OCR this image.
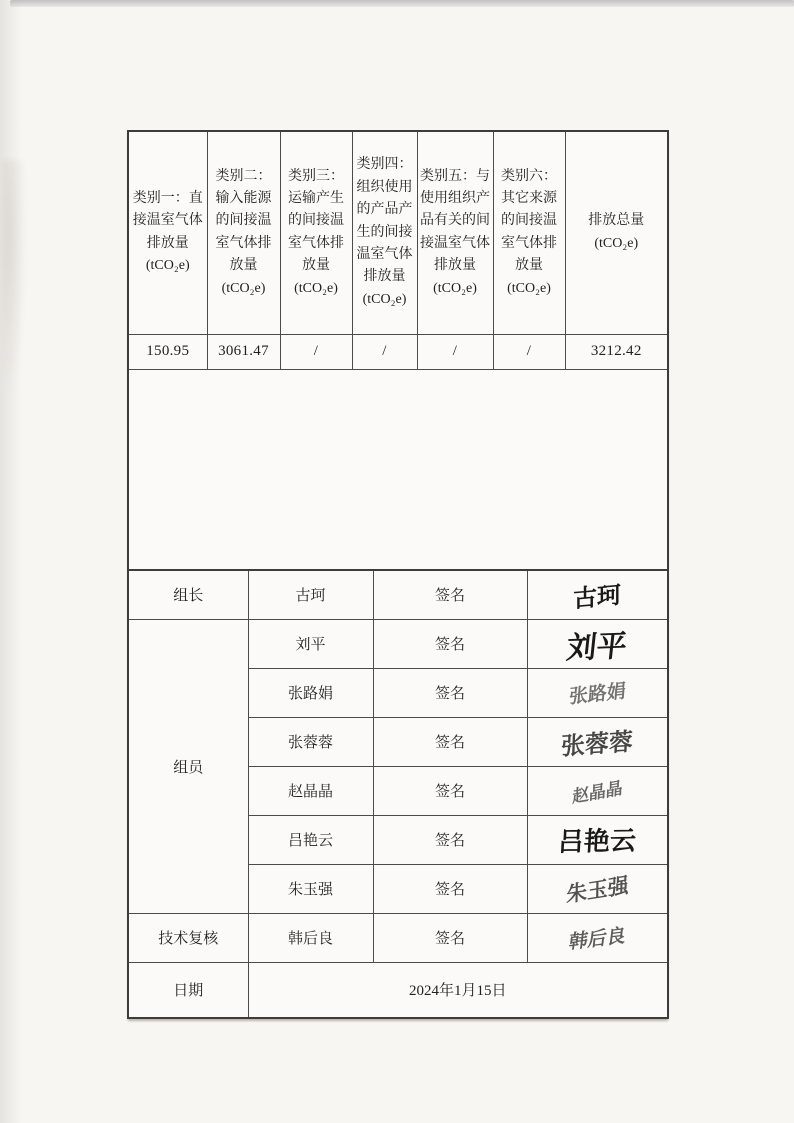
类别一：直接温室气体排放量(tCO₂e)	类别二：输入能源的间接温室气体排放量 (tCO₂e)	类别三：运输产生的间接温室气体排放量 (tCO₂e)	类别四：组织使用的产品产生的间接温室气体排放量 (tCO₂e)	类别五：与使用组织产品有关的间接温室气体排放量 (tCO₂e)	类别六：其它来源的间接温室气体排放量 (tCO₂e)	排放总量 (tCO₂e)
150.95	3061.47	/	/	/	/	3212.42

组长	古珂	签名	古珂
组员	刘平	签名	刘平
	张路娟	签名	张路娟
	张蓉蓉	签名	张蓉蓉
	赵晶晶	签名	赵晶晶
	吕艳云	签名	吕艳云
	朱玉强	签名	朱玉强
技术复核	韩后良	签名	韩后良
日期	2024年1月15日		
